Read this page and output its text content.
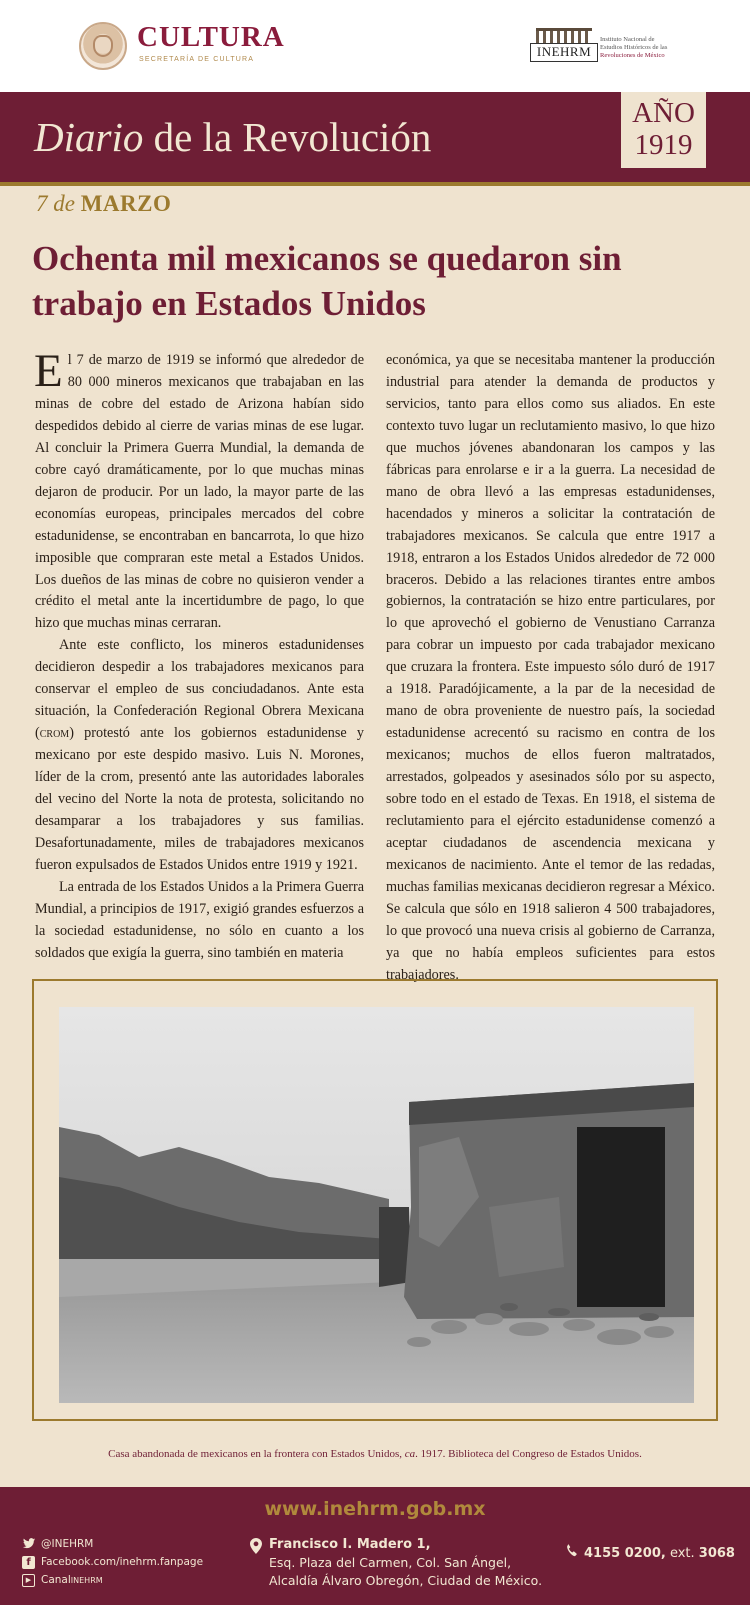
CULTURA
SECRETARÍA DE CULTURA
INEHRM
Instituto Nacional de
Estudios Históricos de las
Revoluciones de México
Diario de la Revolución
AÑO
1919
7 de MARZO
Ochenta mil mexicanos se quedaron sin trabajo en Estados Unidos

El 7 de marzo de 1919 se informó que alrededor de 80 000 mineros mexicanos que trabajaban en las minas de cobre del estado de Arizona habían sido despedidos debido al cierre de varias minas de ese lugar. Al concluir la Primera Guerra Mundial, la demanda de cobre cayó dramáticamente, por lo que muchas minas dejaron de producir. Por un lado, la mayor parte de las economías europeas, principales mercados del cobre estadunidense, se encontraban en bancarrota, lo que hizo imposible que compraran este metal a Estados Unidos. Los dueños de las minas de cobre no quisieron vender a crédito el metal ante la incertidumbre de pago, lo que hizo que muchas minas cerraran.

Ante este conflicto, los mineros estadunidenses decidieron despedir a los trabajadores mexicanos para conservar el empleo de sus conciudadanos. Ante esta situación, la Confederación Regional Obrera Mexicana (crom) protestó ante los gobiernos estadunidense y mexicano por este despido masivo. Luis N. Morones, líder de la crom, presentó ante las autoridades laborales del vecino del Norte la nota de protesta, solicitando no desamparar a los trabajadores y sus familias. Desafortunadamente, miles de trabajadores mexicanos fueron expulsados de Estados Unidos entre 1919 y 1921.

La entrada de los Estados Unidos a la Primera Guerra Mundial, a principios de 1917, exigió grandes esfuerzos a la sociedad estadunidense, no sólo en cuanto a los soldados que exigía la guerra, sino también en materia

económica, ya que se necesitaba mantener la producción industrial para atender la demanda de productos y servicios, tanto para ellos como sus aliados. En este contexto tuvo lugar un reclutamiento masivo, lo que hizo que muchos jóvenes abandonaran los campos y las fábricas para enrolarse e ir a la guerra. La necesidad de mano de obra llevó a las empresas estadunidenses, hacendados y mineros a solicitar la contratación de trabajadores mexicanos. Se calcula que entre 1917 a 1918, entraron a los Estados Unidos alrededor de 72 000 braceros. Debido a las relaciones tirantes entre ambos gobiernos, la contratación se hizo entre particulares, por lo que aprovechó el gobierno de Venustiano Carranza para cobrar un impuesto por cada trabajador mexicano que cruzara la frontera. Este impuesto sólo duró de 1917 a 1918. Paradójicamente, a la par de la necesidad de mano de obra proveniente de nuestro país, la sociedad estadunidense acrecentó su racismo en contra de los mexicanos; muchos de ellos fueron maltratados, arrestados, golpeados y asesinados sólo por su aspecto, sobre todo en el estado de Texas. En 1918, el sistema de reclutamiento para el ejército estadunidense comenzó a aceptar ciudadanos de ascendencia mexicana y mexicanos de nacimiento. Ante el temor de las redadas, muchas familias mexicanas decidieron regresar a México. Se calcula que sólo en 1918 salieron 4 500 trabajadores, lo que provocó una nueva crisis al gobierno de Carranza, ya que no había empleos suficientes para estos trabajadores.

Casa abandonada de mexicanos en la frontera con Estados Unidos, ca. 1917. Biblioteca del Congreso de Estados Unidos.
www.inehrm.gob.mx
@INEHRM
f Facebook.com/inehrm.fanpage
▶ Canal INEHRM
Francisco I. Madero 1,
Esq. Plaza del Carmen, Col. San Ángel,
Alcaldía Álvaro Obregón, Ciudad de México.
4155 0200, ext. 3068
